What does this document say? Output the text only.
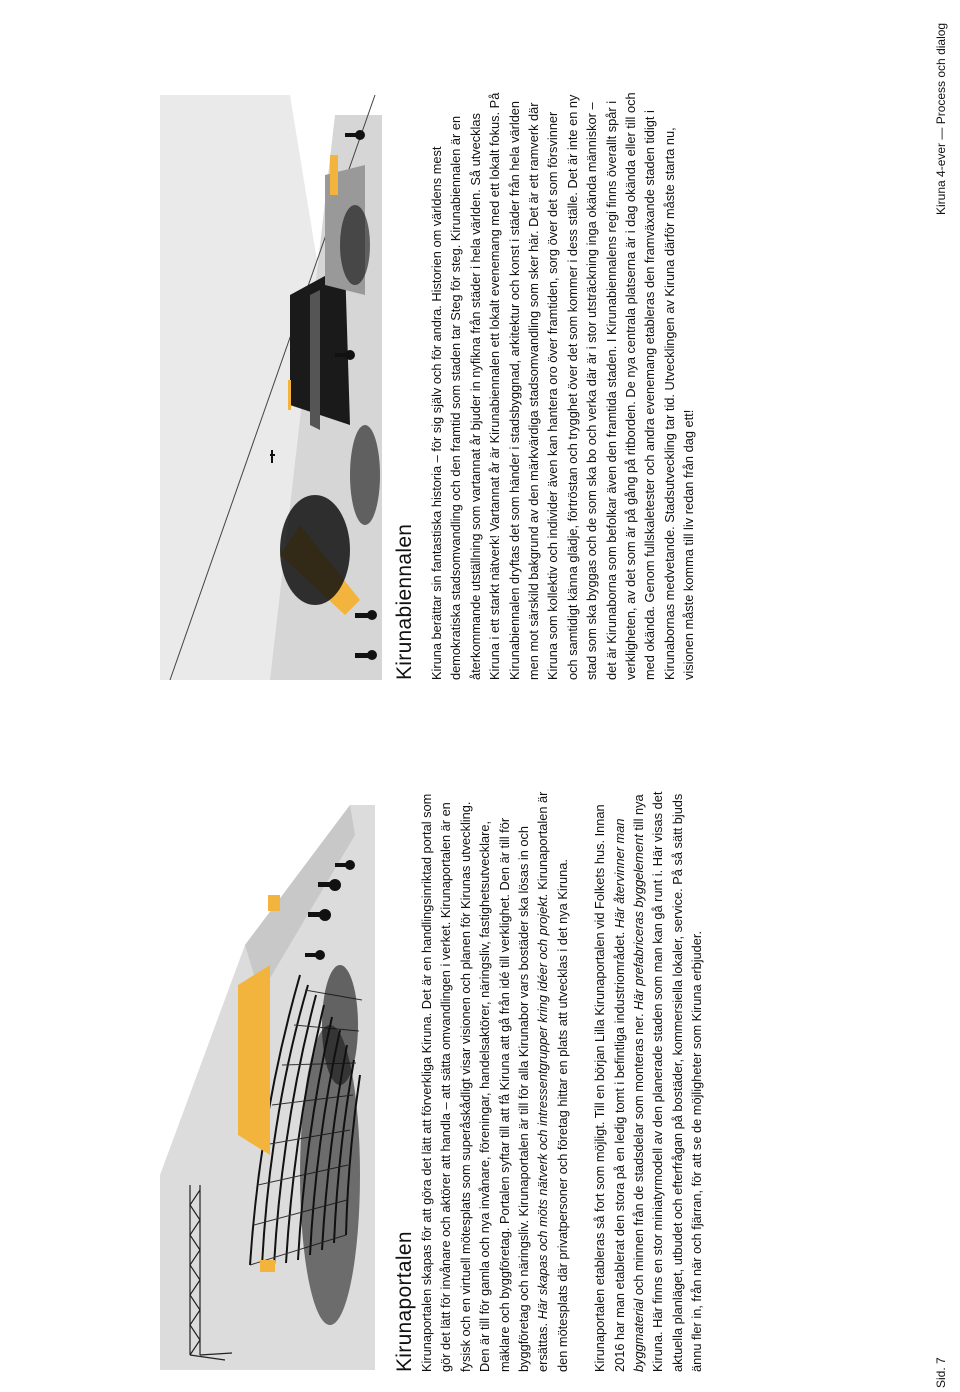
Kirunaportalen Kirunaportalen skapas för att göra det lätt att förverkliga Kiruna. Det är en handlingsinriktad portal som gör det lätt för invånare och aktörer att handla – att sätta omvandlingen i verket. Kirunaportalen är en fysisk och en virtuell mötesplats som superåskådligt visar visionen och planen för Kirunas utveckling. Den är till för gamla och nya invånare, föreningar, handelsaktörer, näringsliv, fastighetsutvecklare, mäklare och byggföretag. Portalen syftar till att få Kiruna att gå från idé till verklighet. Den är till för byggföretag och näringsliv. Kirunaportalen är till för alla Kirunabor vars bostäder ska lösas in och ersättas. Här skapas och möts nätverk och intressentgrupper kring idéer och projekt. Kirunaportalen är den mötesplats där privatpersoner och företag hittar en plats att utvecklas i det nya Kiruna. Kirunaportalen etableras så fort som möjligt. Till en början Lilla Kirunaportalen vid Folkets hus. Innan 2016 har man etablerat den stora på en ledig tomt i befintliga industriområdet. Här återvinner man byggmaterial och minnen från de stadsdelar som monteras ner. Här prefabriceras byggelement till nya Kiruna. Här finns en stor miniatyrmodell av den planerade staden som man kan gå runt i. Här visas det aktuella planläget, utbudet och efterfrågan på bostäder, kommersiella lokaler, service. På så sätt bjuds ännu fler in, från när och fjärran, för att se de möjligheter som Kiruna erbjuder.

Kirunabiennalen Kiruna berättar sin fantastiska historia – för sig själv och för andra. Historien om världens mest demokratiska stadsomvandling och den framtid som staden tar Steg för steg. Kirunabiennalen är en återkommande utställning som vartannat år bjuder in nyfikna från städer i hela världen. Så utvecklas Kiruna i ett starkt nätverk! Vartannat år är Kirunabiennalen ett lokalt evenemang med ett lokalt fokus. På Kirunabiennalen dryftas det som händer i stadsbyggnad, arkitektur och konst i städer från hela världen men mot särskild bakgrund av den märkvärdiga stadsomvandling som sker här. Det är ett ramverk där Kiruna som kollektiv och individer även kan hantera oro över framtiden, sorg över det som försvinner och samtidigt känna glädje, förtröstan och trygghet över det som kommer i dess ställe. Det är inte en ny stad som ska byggas och de som ska bo och verka där är i stor utsträckning inga okända människor – det är Kirunaborna som befolkar även den framtida staden. I Kirunabiennalens regi finns överallt spår i verkligheten, av det som är på gång på ritborden. De nya centrala platserna är i dag okända eller till och med okända. Genom fullskaletester och andra evenemang etableras den framväxande staden tidigt i Kirunabornas medvetande. Stadsutveckling tar tid. Utvecklingen av Kiruna därför måste starta nu, visionen måste komma till liv redan från dag ett!

Sid. 7
Kiruna 4-ever — Process och dialog
